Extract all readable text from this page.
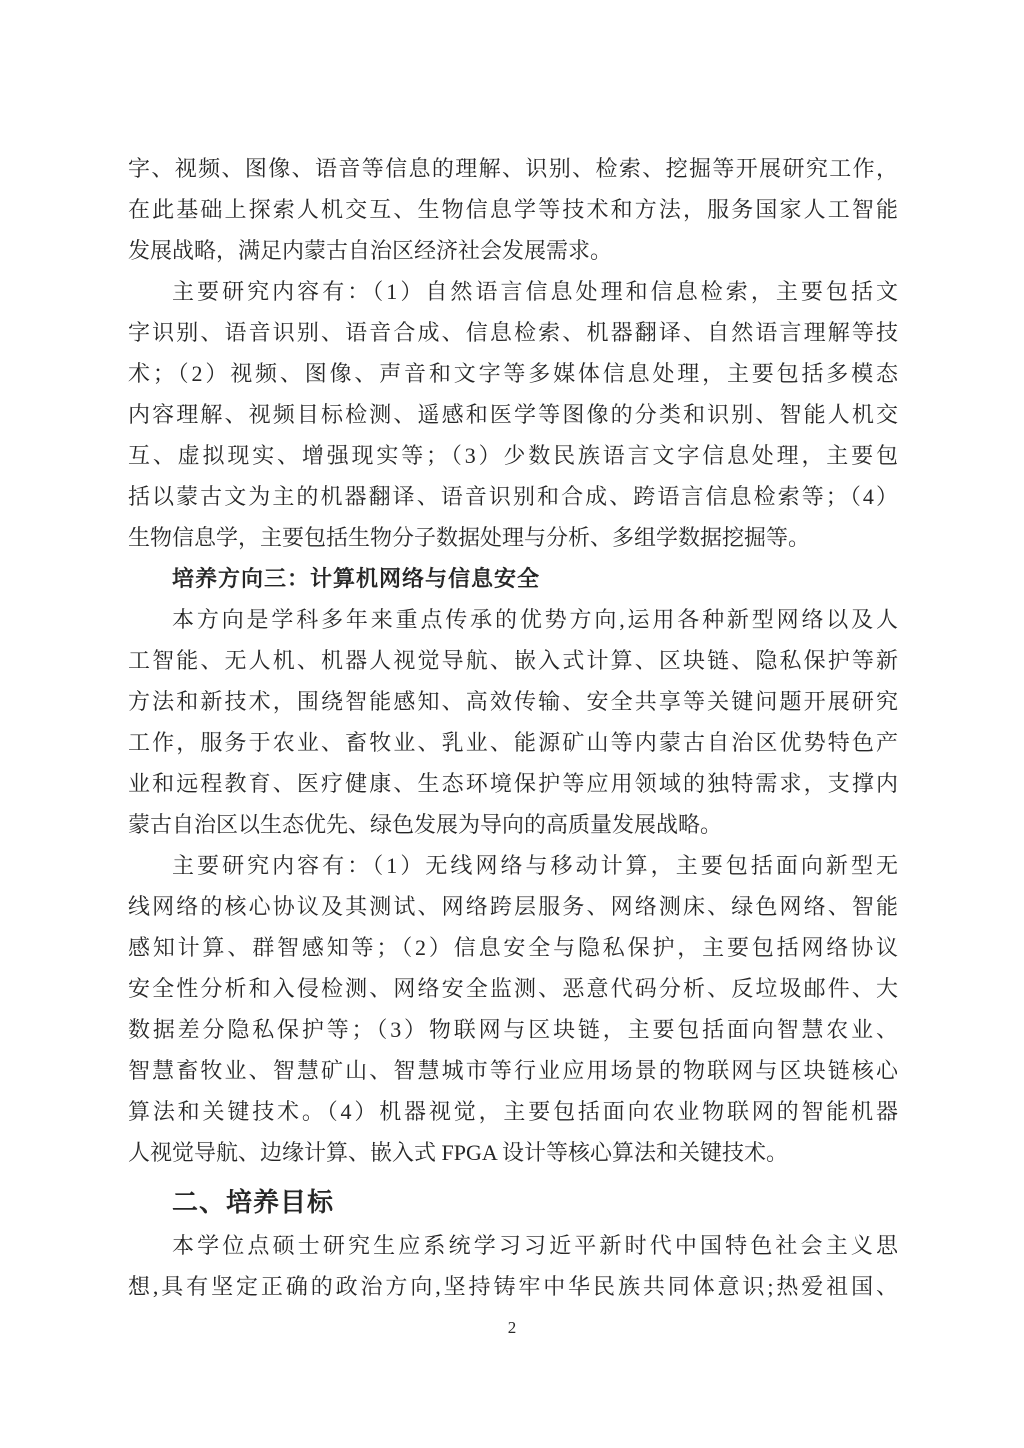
字、视频、图像、语音等信息的理解、识别、检索、挖掘等开展研究工作，
在此基础上探索人机交互、生物信息学等技术和方法，服务国家人工智能
发展战略，满足内蒙古自治区经济社会发展需求。
主要研究内容有：（1）自然语言信息处理和信息检索，主要包括文
字识别、语音识别、语音合成、信息检索、机器翻译、自然语言理解等技
术；（2）视频、图像、声音和文字等多媒体信息处理，主要包括多模态
内容理解、视频目标检测、遥感和医学等图像的分类和识别、智能人机交
互、虚拟现实、增强现实等；（3）少数民族语言文字信息处理，主要包
括以蒙古文为主的机器翻译、语音识别和合成、跨语言信息检索等；（4）
生物信息学，主要包括生物分子数据处理与分析、多组学数据挖掘等。
培养方向三：计算机网络与信息安全
本方向是学科多年来重点传承的优势方向,运用各种新型网络以及人
工智能、无人机、机器人视觉导航、嵌入式计算、区块链、隐私保护等新
方法和新技术，围绕智能感知、高效传输、安全共享等关键问题开展研究
工作，服务于农业、畜牧业、乳业、能源矿山等内蒙古自治区优势特色产
业和远程教育、医疗健康、生态环境保护等应用领域的独特需求，支撑内
蒙古自治区以生态优先、绿色发展为导向的高质量发展战略。
主要研究内容有：（1）无线网络与移动计算，主要包括面向新型无
线网络的核心协议及其测试、网络跨层服务、网络测床、绿色网络、智能
感知计算、群智感知等；（2）信息安全与隐私保护，主要包括网络协议
安全性分析和入侵检测、网络安全监测、恶意代码分析、反垃圾邮件、大
数据差分隐私保护等；（3）物联网与区块链，主要包括面向智慧农业、
智慧畜牧业、智慧矿山、智慧城市等行业应用场景的物联网与区块链核心
算法和关键技术。（4）机器视觉，主要包括面向农业物联网的智能机器
人视觉导航、边缘计算、嵌入式 FPGA 设计等核心算法和关键技术。
二、培养目标
本学位点硕士研究生应系统学习习近平新时代中国特色社会主义思
想,具有坚定正确的政治方向,坚持铸牢中华民族共同体意识;热爱祖国、
2
